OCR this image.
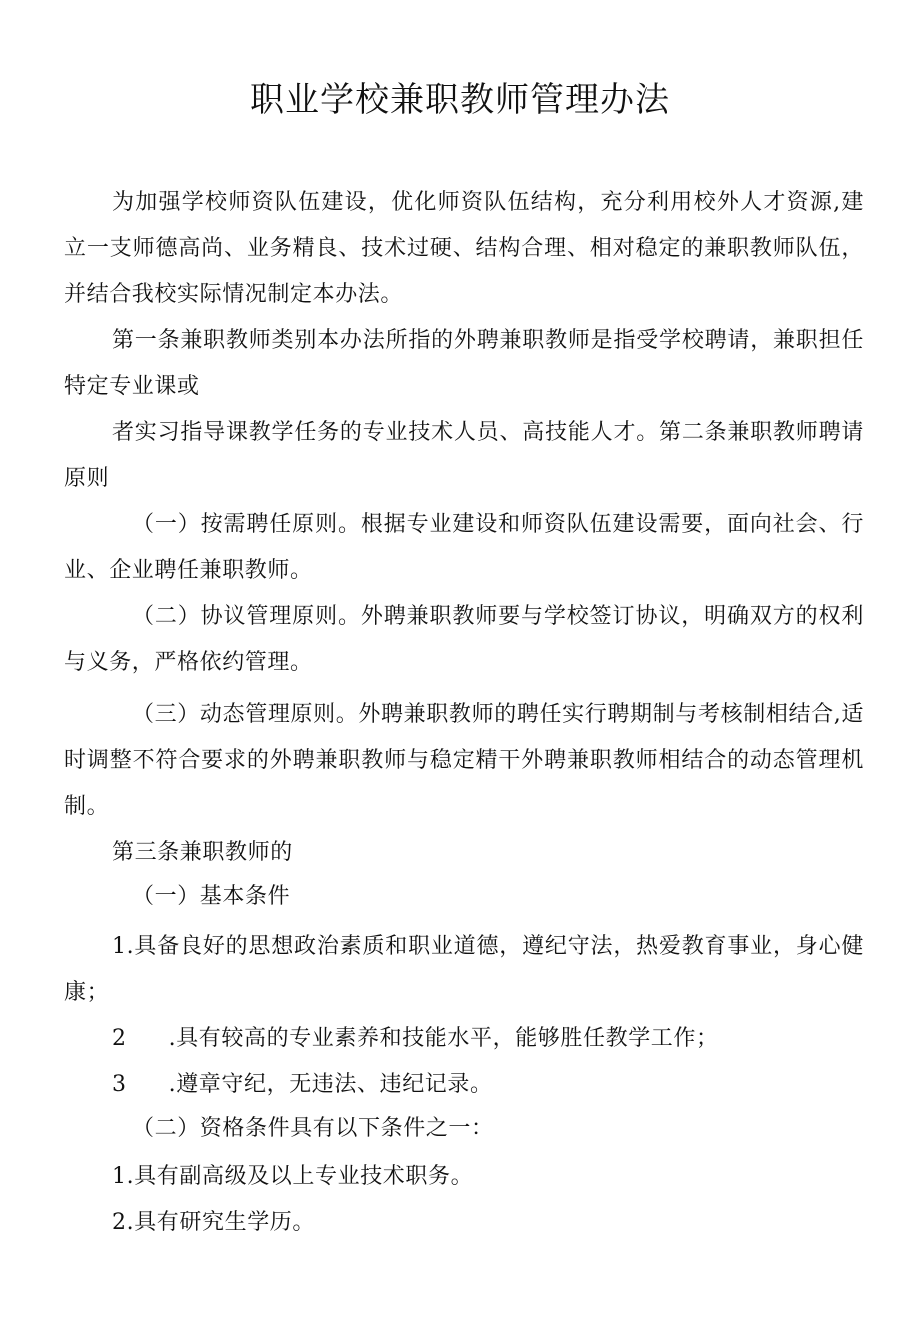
职业学校兼职教师管理办法

为加强学校师资队伍建设，优化师资队伍结构，充分利用校外人才资源,建立一支师德高尚、业务精良、技术过硬、结构合理、相对稳定的兼职教师队伍，并结合我校实际情况制定本办法。

第一条兼职教师类别本办法所指的外聘兼职教师是指受学校聘请，兼职担任特定专业课或

者实习指导课教学任务的专业技术人员、高技能人才。第二条兼职教师聘请原则

（一）按需聘任原则。根据专业建设和师资队伍建设需要，面向社会、行业、企业聘任兼职教师。

（二）协议管理原则。外聘兼职教师要与学校签订协议，明确双方的权利与义务，严格依约管理。

（三）动态管理原则。外聘兼职教师的聘任实行聘期制与考核制相结合,适时调整不符合要求的外聘兼职教师与稳定精干外聘兼职教师相结合的动态管理机制。

第三条兼职教师的

（一）基本条件

1.具备良好的思想政治素质和职业道德，遵纪守法，热爱教育事业，身心健康；

2 .具有较高的专业素养和技能水平，能够胜任教学工作；

3 .遵章守纪，无违法、违纪记录。

（二）资格条件具有以下条件之一：

1.具有副高级及以上专业技术职务。

2.具有研究生学历。
